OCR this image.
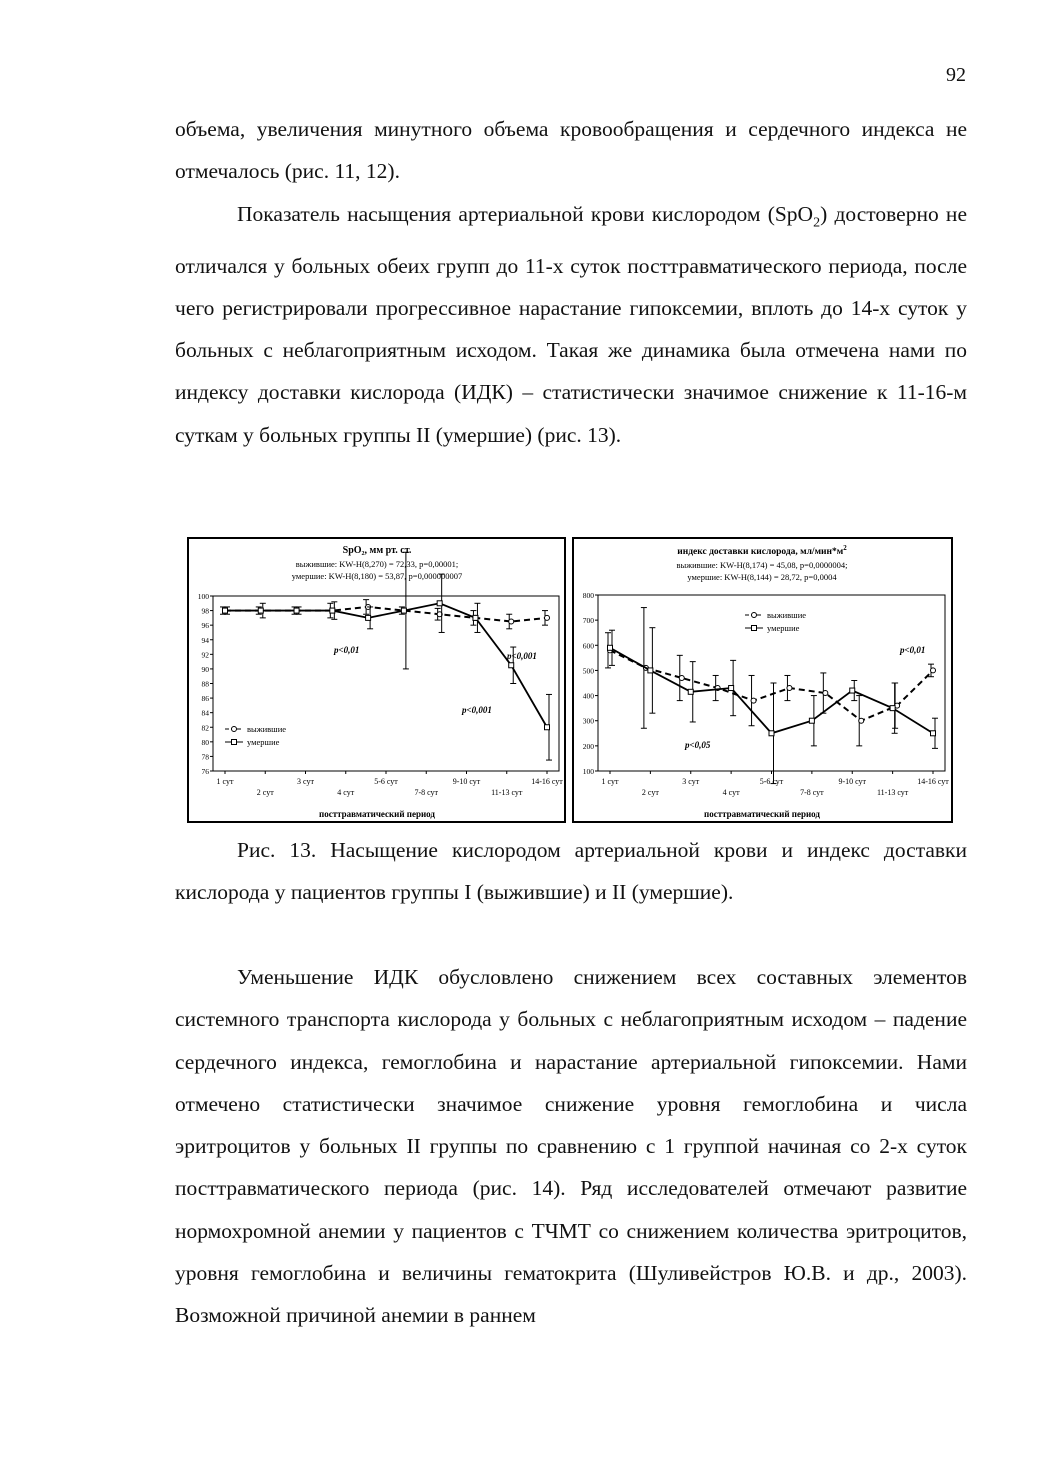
92

объема, увеличения минутного объема кровообращения и сердечного индекса не отмечалось (рис. 11, 12).

Показатель насыщения артериальной крови кислородом (SpO$_2$) достоверно не отличался у больных обеих групп до 11-х суток посттравматического периода, после чего регистрировали прогрессивное нарастание гипоксемии, вплоть до 14-х суток у больных с неблагоприятным исходом. Такая же динамика была отмечена нами по индексу доставки кислорода (ИДК) – статистически значимое снижение к 11-16-м суткам у больных группы II (умершие) (рис. 13).

SpO₂, мм рт. ст.
выжившие: KW-H(8,270) = 72,33, p=0,00001;
умершие: KW-H(8,180) = 53,87, p=0,000000007
76
78
80
82
84
86
88
90
92
94
96
98
100
1 сут	3 сут	5-6 сут	9-10 сут	14-16 сут
2 сут	4 сут	7-8 сут	11-13 сут
посттравматический период
p<0,01
p<0,001
p<0,001
выжившие
умершие
индекс доставки кислорода, $мл/мин*м^2$
выжившие: KW-H(8,174) = 45,08, p=0,0000004;
умершие: KW-H(8,144) = 28,72, p=0,0004
100
200
300
400
500
600
700
800
1 сут	3 сут	5-6 сут	9-10 сут	14-16 сут
2 сут	4 сут	7-8 сут	11-13 сут
посттравматический период
p<0,05
p<0,01
выжившие
умершие

Рис. 13. Насыщение кислородом артериальной крови и индекс доставки кислорода у пациентов группы I (выжившие) и II (умершие).

Уменьшение ИДК обусловлено снижением всех составных элементов системного транспорта кислорода у больных с неблагоприятным исходом – падение сердечного индекса, гемоглобина и нарастание артериальной гипоксемии. Нами отмечено статистически значимое снижение уровня гемоглобина и числа эритроцитов у больных II группы по сравнению с 1 группой начиная со 2-х суток посттравматического периода (рис. 14). Ряд исследователей отмечают развитие нормохромной анемии у пациентов с ТЧМТ со снижением количества эритроцитов, уровня гемоглобина и величины гематокрита (Шуливейстров Ю.В. и др., 2003). Возможной причиной анемии в раннем
